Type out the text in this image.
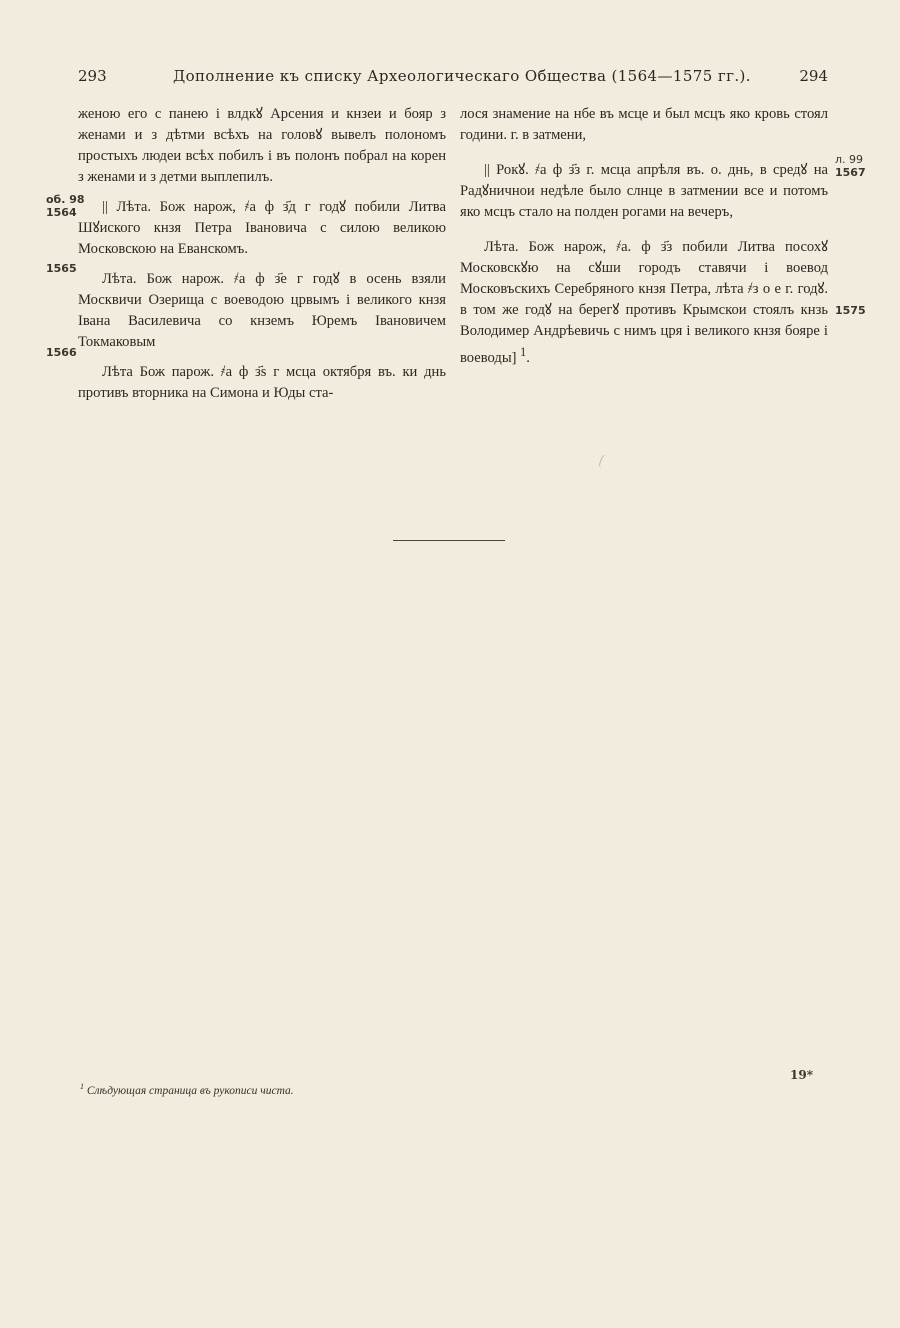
293	Дополнение къ списку Археологическаго Общества (1564—1575 гг.).	294
об. 98
1564
1565
1566
л. 99
1567
1575

женою его с панею і влдкꙋ Арсения и кнзеи и бояр з женами и з дѣтми всѣхъ на головꙋ вывелъ полономъ простыхъ людеи всѣх побилъ і въ полонъ побрал на корен з женами и з детми выплепилъ.

|| Лѣта. Бож нарож, ҂а ф з҃д г годꙋ побили Литва Шꙋиского кнзя Петра Івановича с силою великою Московскою на Еванскомъ.

Лѣта. Бож нарож. ҂а ф з҃е г годꙋ в осень взяли Москвичи Озерища с воеводою црвымъ і великого кнзя Івана Василевича со кнземъ Юремъ Івановичем Токмаковым

Лѣта Бож парож. ҂а ф з҃ѕ г мсца октября въ. ки днь противъ вторника на Симона и Юды ста-

лося знамение на нбе въ мсце и был мсцъ яко кровь стоял години. г. в затмени,

|| Рокꙋ. ҂а ф з҃з г. мсца апрѣля въ. о. днь, в средꙋ на Радꙋничнои недѣле было слнце в затмении все и потомъ яко мсцъ стало на полден рогами на вечеръ,

Лѣта. Бож нарож, ҂а. ф з҃з побили Литва посохꙋ Московскꙋю на сꙋши городъ ставячи і воевод Московъскихъ Серебряного кнзя Петра, лѣта ҂з о е г. годꙋ. в том же годꙋ на берегꙋ противъ Крымскои стоялъ кнзь Володимер Андрѣевичь с нимъ цря і великого кнзя бояре і воеводы] $^1$.

$^1$ Слѣдующая страница въ рукописи чиста.
19*
